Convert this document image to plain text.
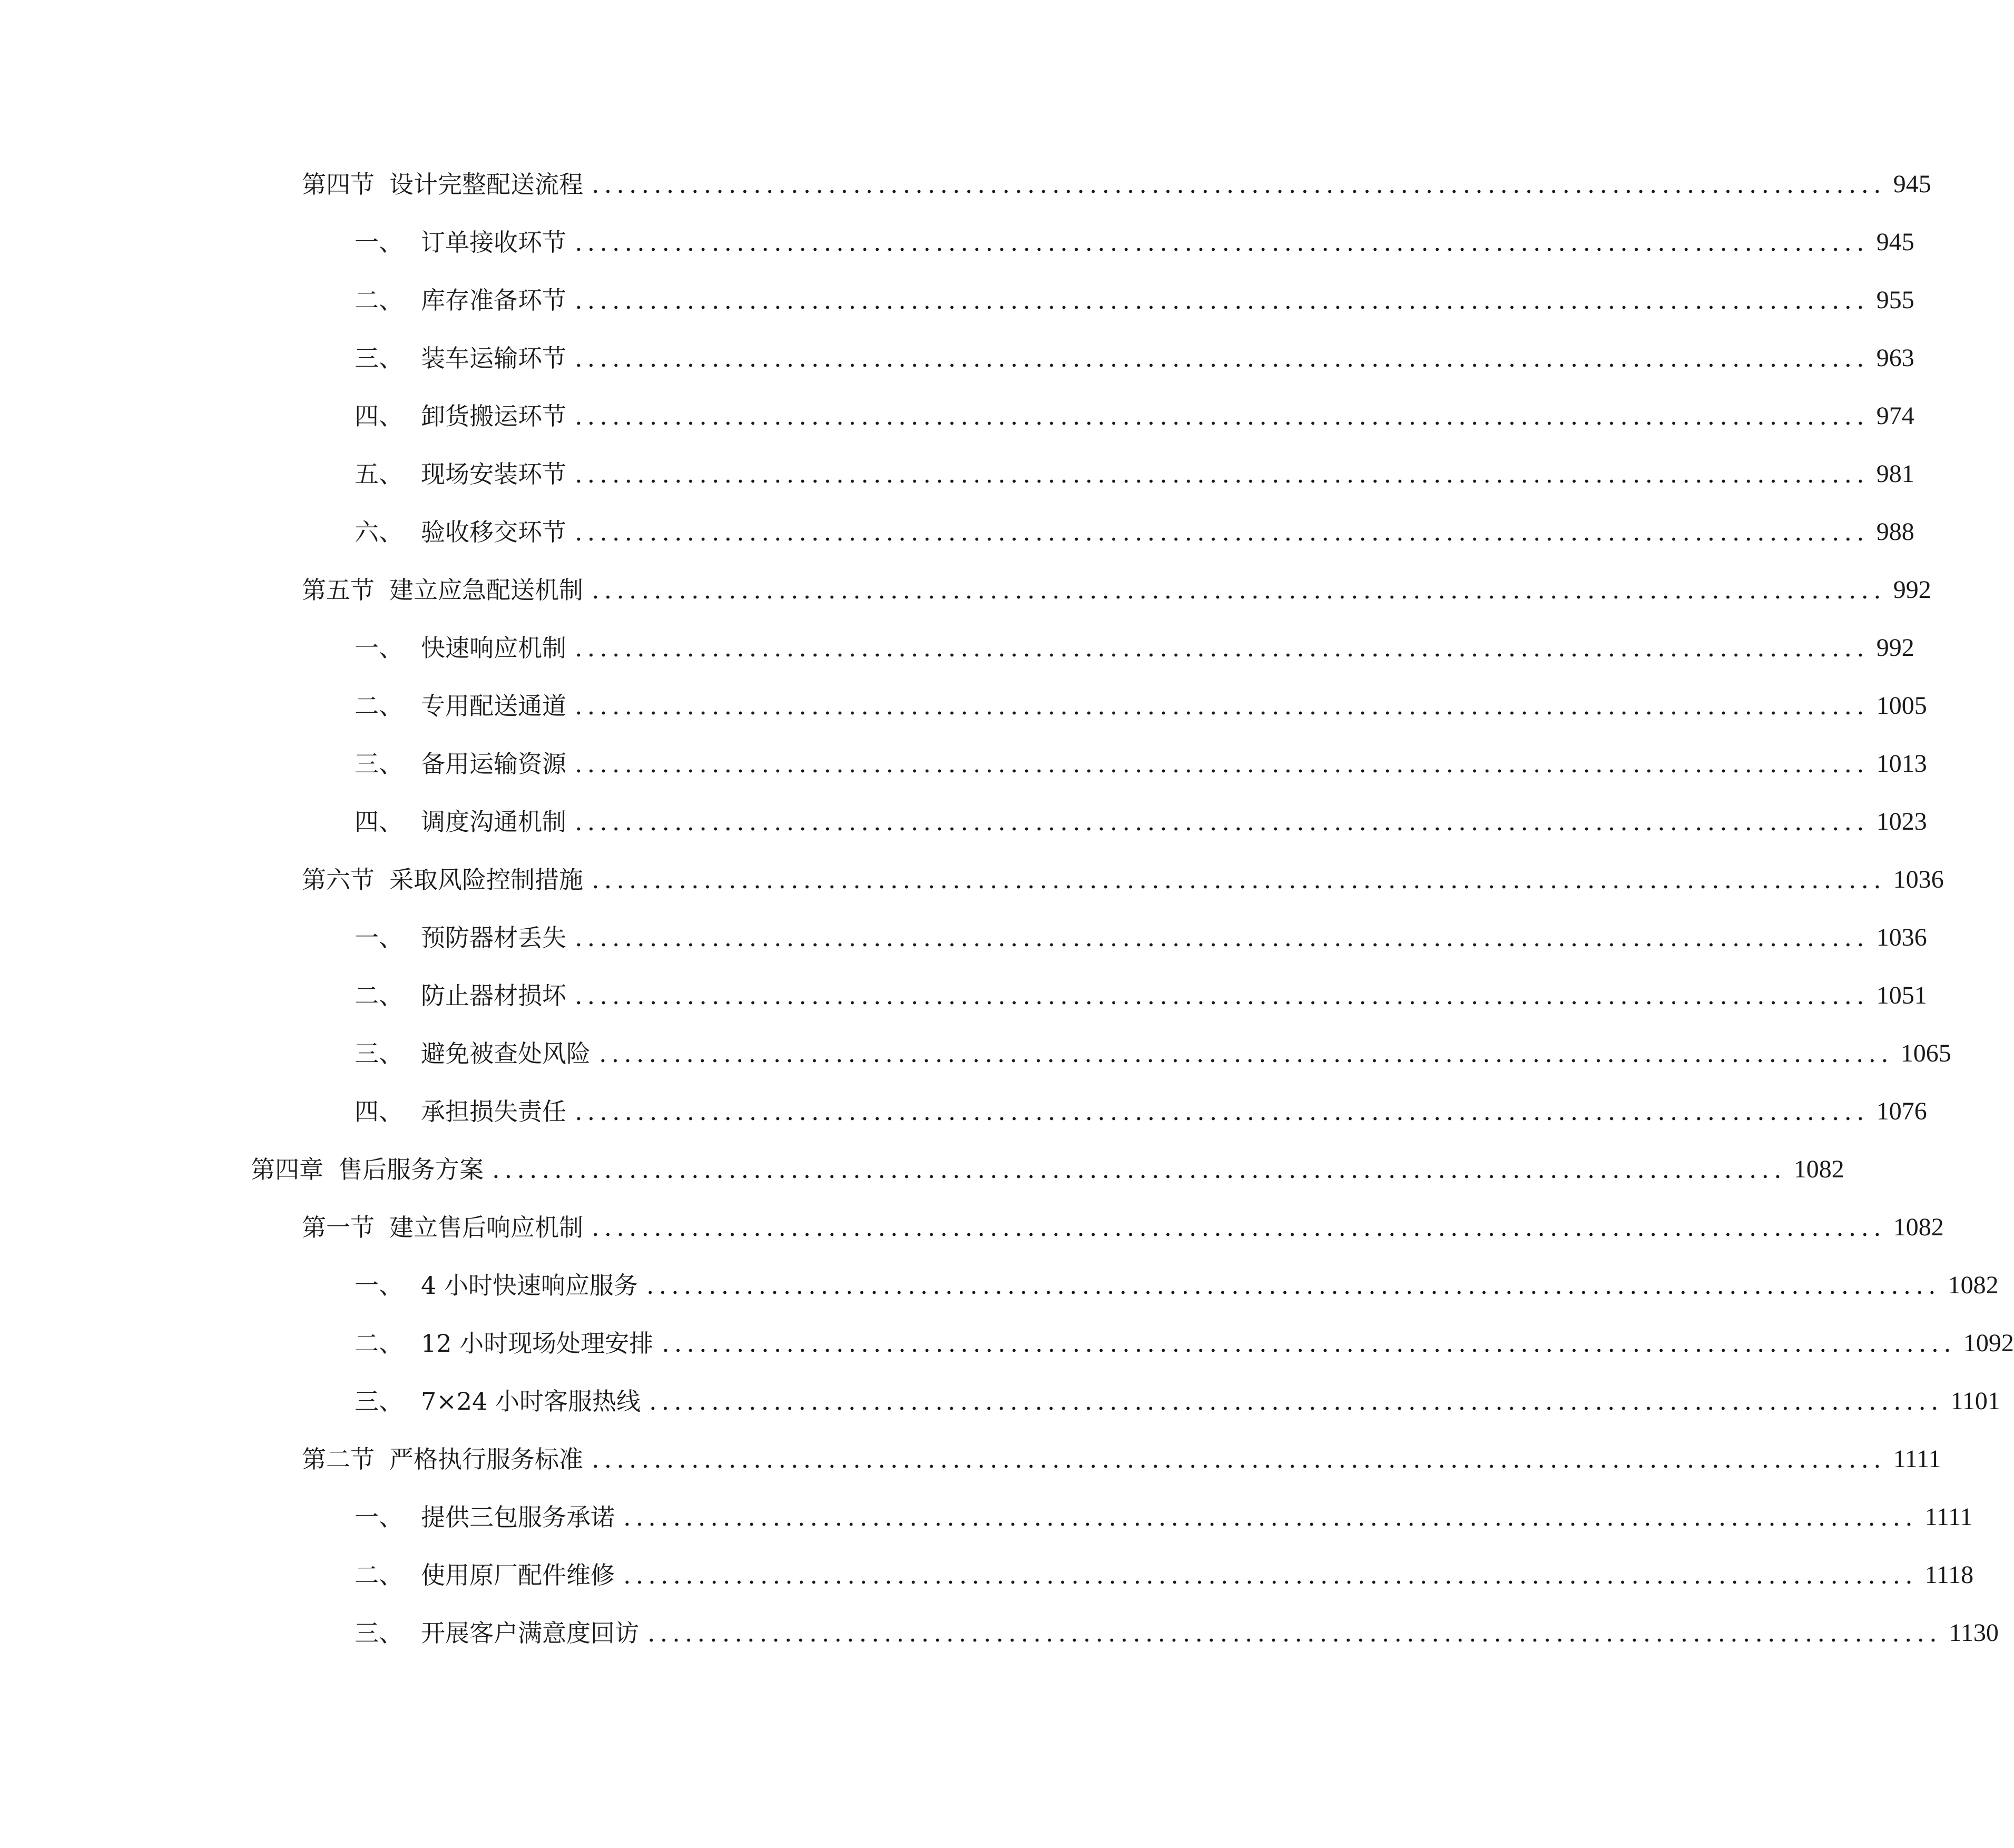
第四节 设计完整配送流程 ........................................................................................................ 945
一、 订单接收环节 ........................................................................................................ 945
二、 库存准备环节 ........................................................................................................ 955
三、 装车运输环节 ........................................................................................................ 963
四、 卸货搬运环节 ........................................................................................................ 974
五、 现场安装环节 ........................................................................................................ 981
六、 验收移交环节 ........................................................................................................ 988
第五节 建立应急配送机制 ........................................................................................................ 992
一、 快速响应机制 ........................................................................................................ 992
二、 专用配送通道 ........................................................................................................ 1005
三、 备用运输资源 ........................................................................................................ 1013
四、 调度沟通机制 ........................................................................................................ 1023
第六节 采取风险控制措施 ........................................................................................................ 1036
一、 预防器材丢失 ........................................................................................................ 1036
二、 防止器材损坏 ........................................................................................................ 1051
三、 避免被查处风险 ........................................................................................................ 1065
四、 承担损失责任 ........................................................................................................ 1076
第四章 售后服务方案 ........................................................................................................ 1082
第一节 建立售后响应机制 ........................................................................................................ 1082
一、 4 小时快速响应服务 ........................................................................................................ 1082
二、 12 小时现场处理安排 ........................................................................................................ 1092
三、 7×24 小时客服热线 ........................................................................................................ 1101
第二节 严格执行服务标准 ........................................................................................................ 1111
一、 提供三包服务承诺 ........................................................................................................ 1111
二、 使用原厂配件维修 ........................................................................................................ 1118
三、 开展客户满意度回访 ........................................................................................................ 1130
